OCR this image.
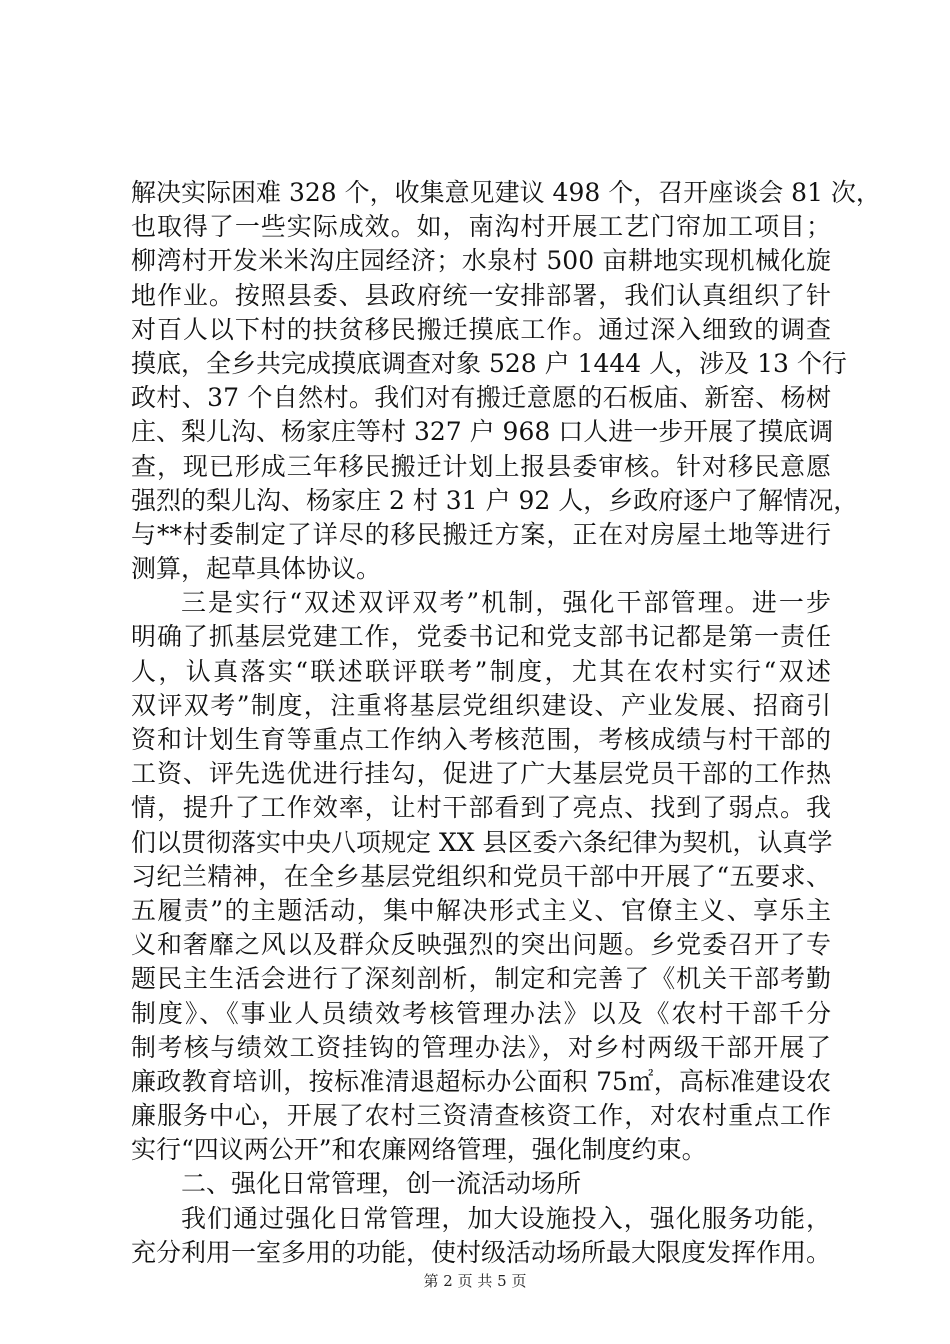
解决实际困难 328 个，收集意见建议 498 个，召开座谈会 81 次，
也取得了一些实际成效。如，南沟村开展工艺门帘加工项目；
柳湾村开发米米沟庄园经济；水泉村 500 亩耕地实现机械化旋
地作业。按照县委、县政府统一安排部署，我们认真组织了针
对百人以下村的扶贫移民搬迁摸底工作。通过深入细致的调查
摸底，全乡共完成摸底调查对象 528 户 1444 人，涉及 13 个行
政村、37 个自然村。我们对有搬迁意愿的石板庙、新窑、杨树
庄、梨儿沟、杨家庄等村 327 户 968 口人进一步开展了摸底调
查，现已形成三年移民搬迁计划上报县委审核。针对移民意愿
强烈的梨儿沟、杨家庄 2 村 31 户 92 人，乡政府逐户了解情况，
与**村委制定了详尽的移民搬迁方案，正在对房屋土地等进行
测算，起草具体协议。
三是实行“双述双评双考”机制，强化干部管理。进一步
明确了抓基层党建工作，党委书记和党支部书记都是第一责任
人，认真落实“联述联评联考”制度，尤其在农村实行“双述
双评双考”制度，注重将基层党组织建设、产业发展、招商引
资和计划生育等重点工作纳入考核范围，考核成绩与村干部的
工资、评先选优进行挂勾，促进了广大基层党员干部的工作热
情，提升了工作效率，让村干部看到了亮点、找到了弱点。我
们以贯彻落实中央八项规定 XX 县区委六条纪律为契机，认真学
习纪兰精神，在全乡基层党组织和党员干部中开展了“五要求、
五履责”的主题活动，集中解决形式主义、官僚主义、享乐主
义和奢靡之风以及群众反映强烈的突出问题。乡党委召开了专
题民主生活会进行了深刻剖析，制定和完善了《机关干部考勤
制度》、《事业人员绩效考核管理办法》以及《农村干部千分
制考核与绩效工资挂钩的管理办法》，对乡村两级干部开展了
廉政教育培训，按标准清退超标办公面积 75㎡，高标准建设农
廉服务中心，开展了农村三资清查核资工作，对农村重点工作
实行“四议两公开”和农廉网络管理，强化制度约束。
二、强化日常管理，创一流活动场所
我们通过强化日常管理，加大设施投入，强化服务功能，
充分利用一室多用的功能，使村级活动场所最大限度发挥作用。
第 2 页 共 5 页
